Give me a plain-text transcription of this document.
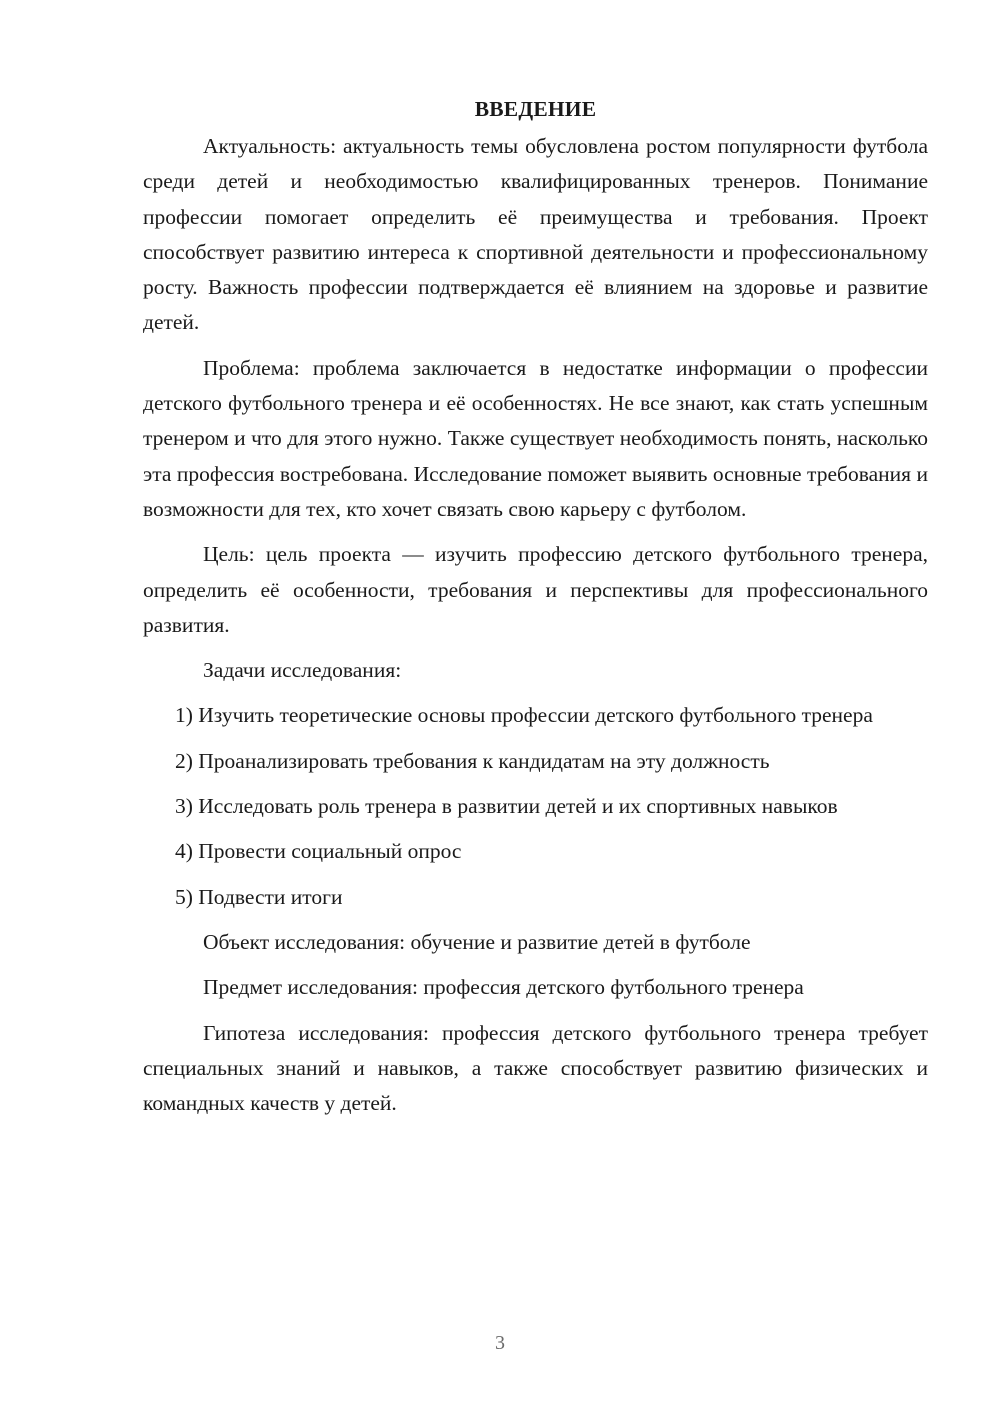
ВВЕДЕНИЕ

Актуальность: актуальность темы обусловлена ростом популярности футбола среди детей и необходимостью квалифицированных тренеров. Понимание профессии помогает определить её преимущества и требования. Проект способствует развитию интереса к спортивной деятельности и профессиональному росту. Важность профессии подтверждается её влиянием на здоровье и развитие детей.

Проблема: проблема заключается в недостатке информации о профессии детского футбольного тренера и её особенностях. Не все знают, как стать успешным тренером и что для этого нужно. Также существует необходимость понять, насколько эта профессия востребована. Исследование поможет выявить основные требования и возможности для тех, кто хочет связать свою карьеру с футболом.

Цель: цель проекта — изучить профессию детского футбольного тренера, определить её особенности, требования и перспективы для профессионального развития.

Задачи исследования:

1) Изучить теоретические основы профессии детского футбольного тренера

2) Проанализировать требования к кандидатам на эту должность

3) Исследовать роль тренера в развитии детей и их спортивных навыков

4) Провести социальный опрос

5) Подвести итоги

Объект исследования: обучение и развитие детей в футболе

Предмет исследования: профессия детского футбольного тренера

Гипотеза исследования: профессия детского футбольного тренера требует специальных знаний и навыков, а также способствует развитию физических и командных качеств у детей.

3
